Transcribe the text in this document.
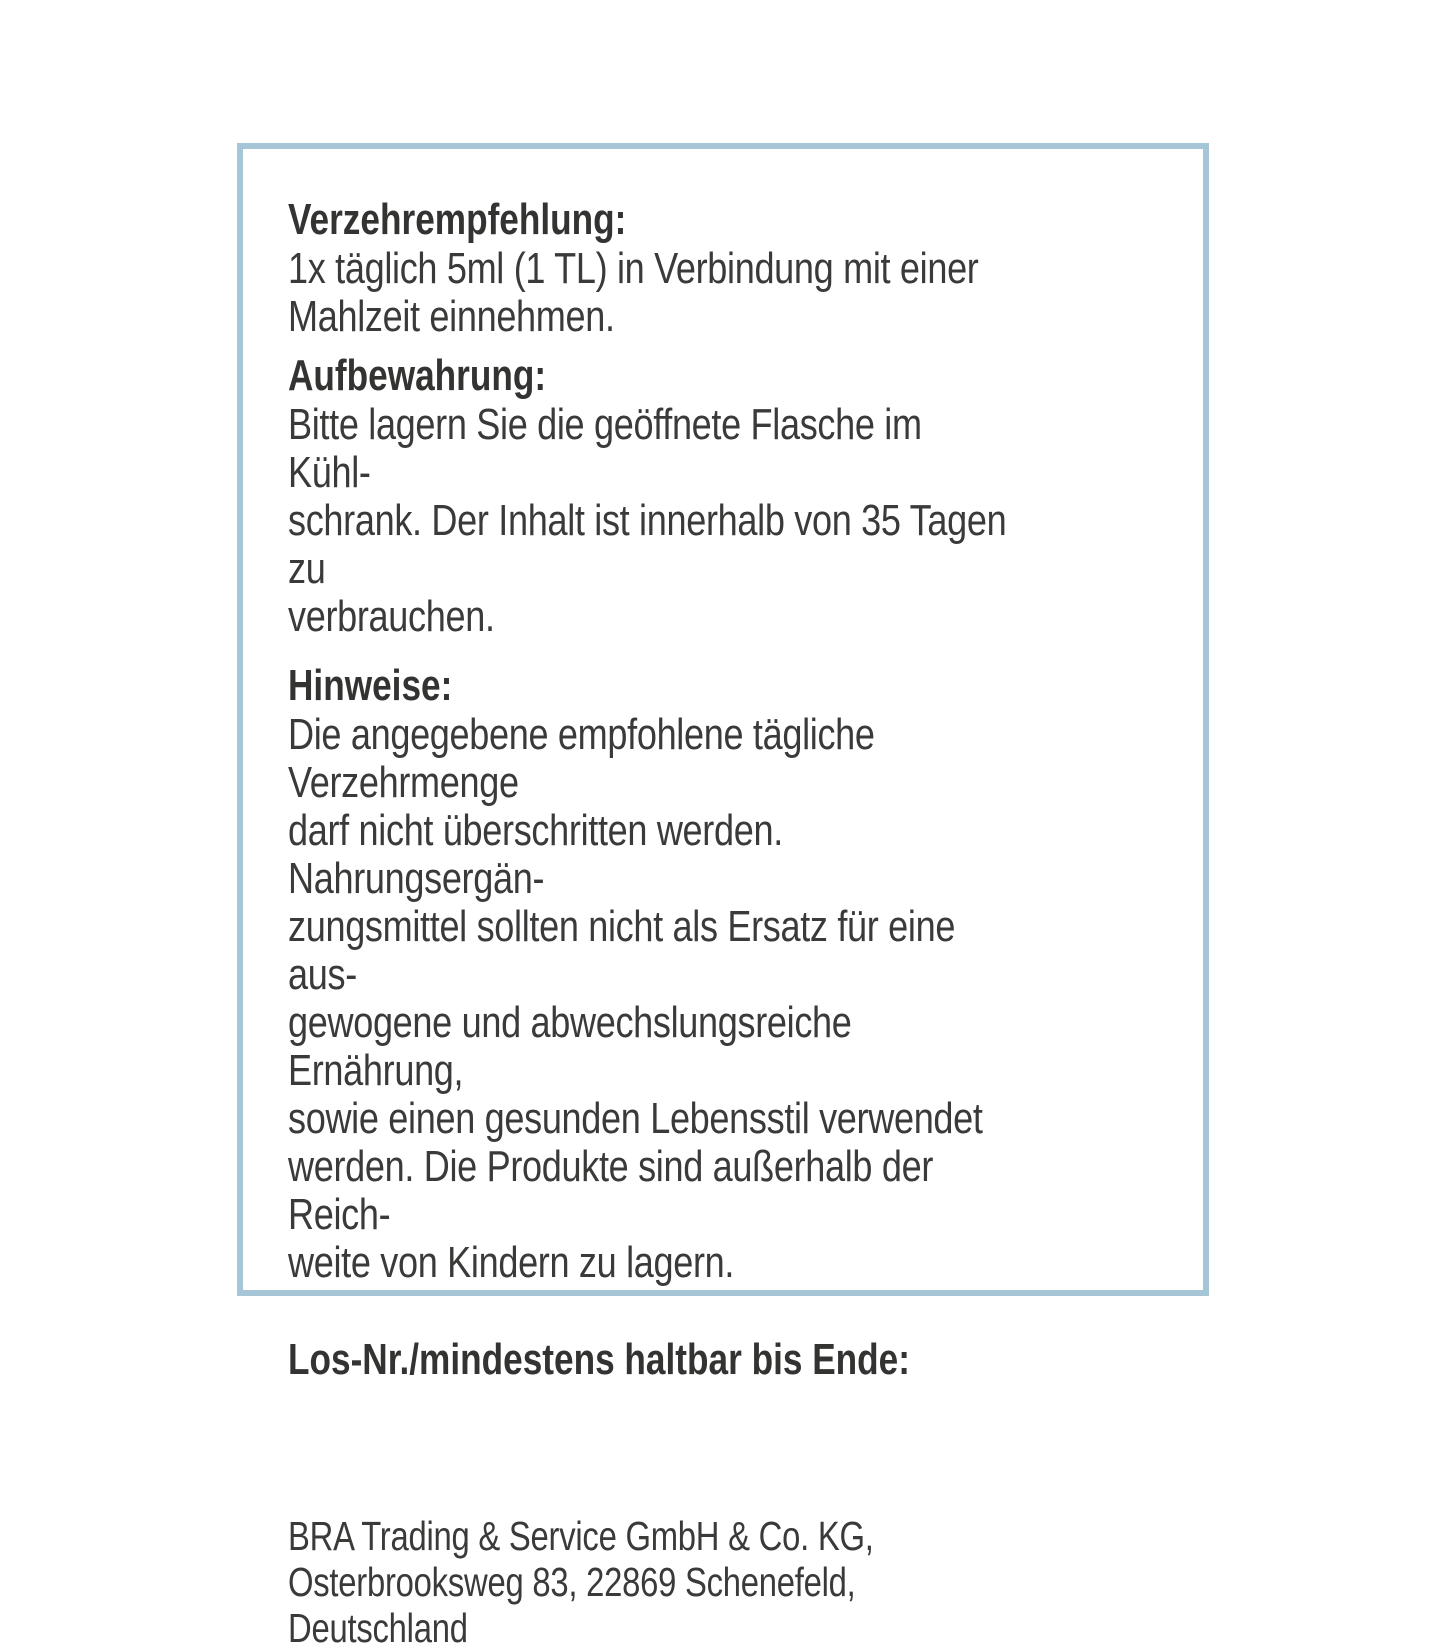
Verzehrempfehlung:
1x täglich 5ml (1 TL) in Verbindung mit einer
Mahlzeit einnehmen.
Aufbewahrung:
Bitte lagern Sie die geöffnete Flasche im Kühl-
schrank. Der Inhalt ist innerhalb von 35 Tagen zu
verbrauchen.
Hinweise:
Die angegebene empfohlene tägliche Verzehrmenge
darf nicht überschritten werden. Nahrungsergän-
zungsmittel sollten nicht als Ersatz für eine aus-
gewogene und abwechslungsreiche Ernährung,
sowie einen gesunden Lebensstil verwendet
werden. Die Produkte sind außerhalb der Reich-
weite von Kindern zu lagern.
Los-Nr./mindestens haltbar bis Ende:
BRA Trading & Service GmbH & Co. KG,
Osterbrooksweg 83, 22869 Schenefeld, Deutschland
